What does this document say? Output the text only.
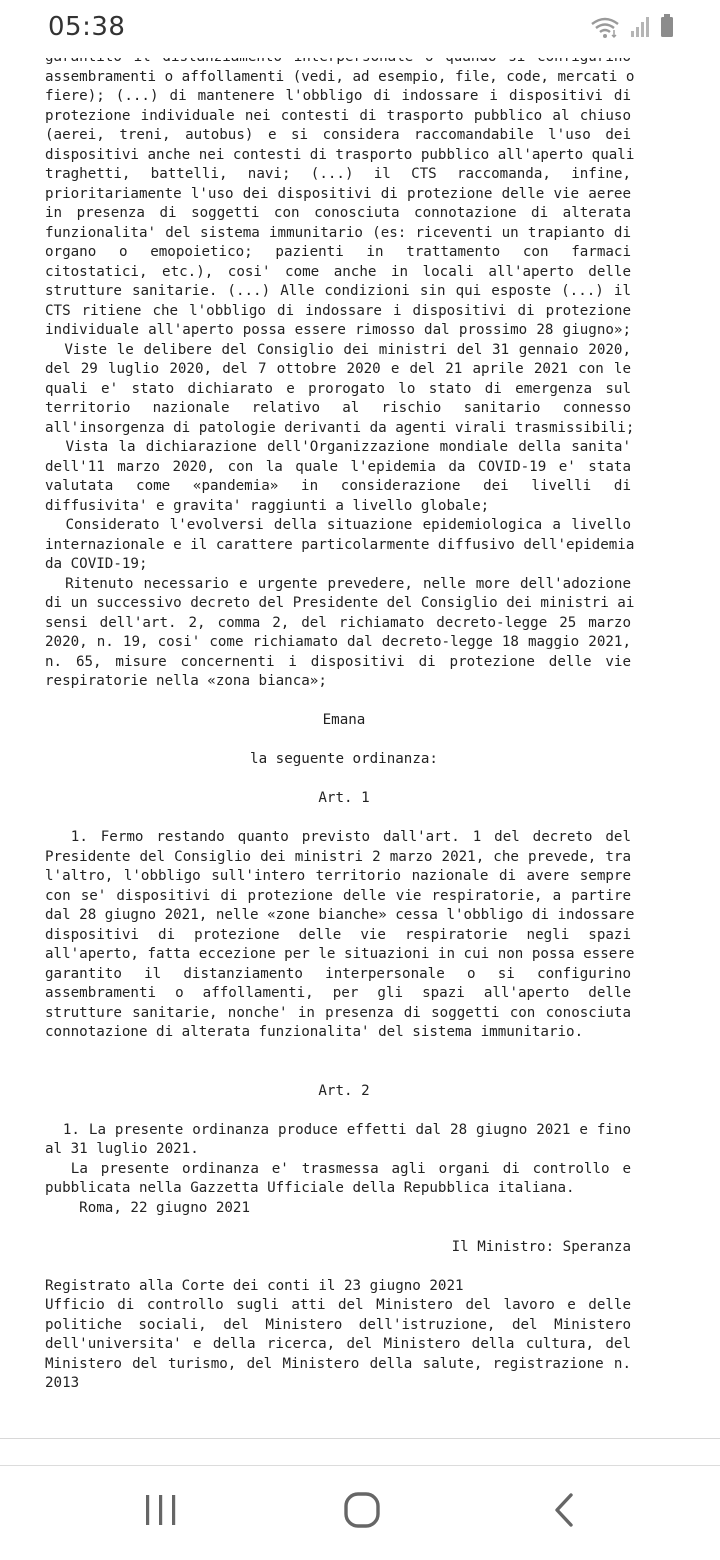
assembramenti o affollamenti (vedi, ad esempio, file, code, mercati o
fiere); (...) di mantenere l'obbligo di indossare i dispositivi di
protezione individuale nei contesti di trasporto pubblico al chiuso
(aerei, treni, autobus) e si considera raccomandabile l'uso dei
dispositivi anche nei contesti di trasporto pubblico all'aperto quali
traghetti, battelli, navi; (...) il CTS raccomanda, infine,
prioritariamente l'uso dei dispositivi di protezione delle vie aeree
in presenza di soggetti con conosciuta connotazione di alterata
funzionalita' del sistema immunitario (es: riceventi un trapianto di
organo o emopoietico; pazienti in trattamento con farmaci
citostatici, etc.), cosi' come anche in locali all'aperto delle
strutture sanitarie. (...) Alle condizioni sin qui esposte (...) il
CTS ritiene che l'obbligo di indossare i dispositivi di protezione
individuale all'aperto possa essere rimosso dal prossimo 28 giugno»;
Viste le delibere del Consiglio dei ministri del 31 gennaio 2020,
del 29 luglio 2020, del 7 ottobre 2020 e del 21 aprile 2021 con le
quali e' stato dichiarato e prorogato lo stato di emergenza sul
territorio nazionale relativo al rischio sanitario connesso
all'insorgenza di patologie derivanti da agenti virali trasmissibili;
Vista la dichiarazione dell'Organizzazione mondiale della sanita'
dell'11 marzo 2020, con la quale l'epidemia da COVID-19 e' stata
valutata come «pandemia» in considerazione dei livelli di
diffusivita' e gravita' raggiunti a livello globale;
Considerato l'evolversi della situazione epidemiologica a livello
internazionale e il carattere particolarmente diffusivo dell'epidemia
da COVID-19;
Ritenuto necessario e urgente prevedere, nelle more dell'adozione
di un successivo decreto del Presidente del Consiglio dei ministri ai
sensi dell'art. 2, comma 2, del richiamato decreto-legge 25 marzo
2020, n. 19, cosi' come richiamato dal decreto-legge 18 maggio 2021,
n. 65, misure concernenti i dispositivi di protezione delle vie
respiratorie nella «zona bianca»;
Emana
la seguente ordinanza:
Art. 1
1. Fermo restando quanto previsto dall'art. 1 del decreto del
Presidente del Consiglio dei ministri 2 marzo 2021, che prevede, tra
l'altro, l'obbligo sull'intero territorio nazionale di avere sempre
con se' dispositivi di protezione delle vie respiratorie, a partire
dal 28 giugno 2021, nelle «zone bianche» cessa l'obbligo di indossare
dispositivi di protezione delle vie respiratorie negli spazi
all'aperto, fatta eccezione per le situazioni in cui non possa essere
garantito il distanziamento interpersonale o si configurino
assembramenti o affollamenti, per gli spazi all'aperto delle
strutture sanitarie, nonche' in presenza di soggetti con conosciuta
connotazione di alterata funzionalita' del sistema immunitario.
Art. 2
1. La presente ordinanza produce effetti dal 28 giugno 2021 e fino
al 31 luglio 2021.
La presente ordinanza e' trasmessa agli organi di controllo e
pubblicata nella Gazzetta Ufficiale della Repubblica italiana.
Roma, 22 giugno 2021
Il Ministro: Speranza
Registrato alla Corte dei conti il 23 giugno 2021
Ufficio di controllo sugli atti del Ministero del lavoro e delle
politiche sociali, del Ministero dell'istruzione, del Ministero
dell'universita' e della ricerca, del Ministero della cultura, del
Ministero del turismo, del Ministero della salute, registrazione n.
2013
05:38
